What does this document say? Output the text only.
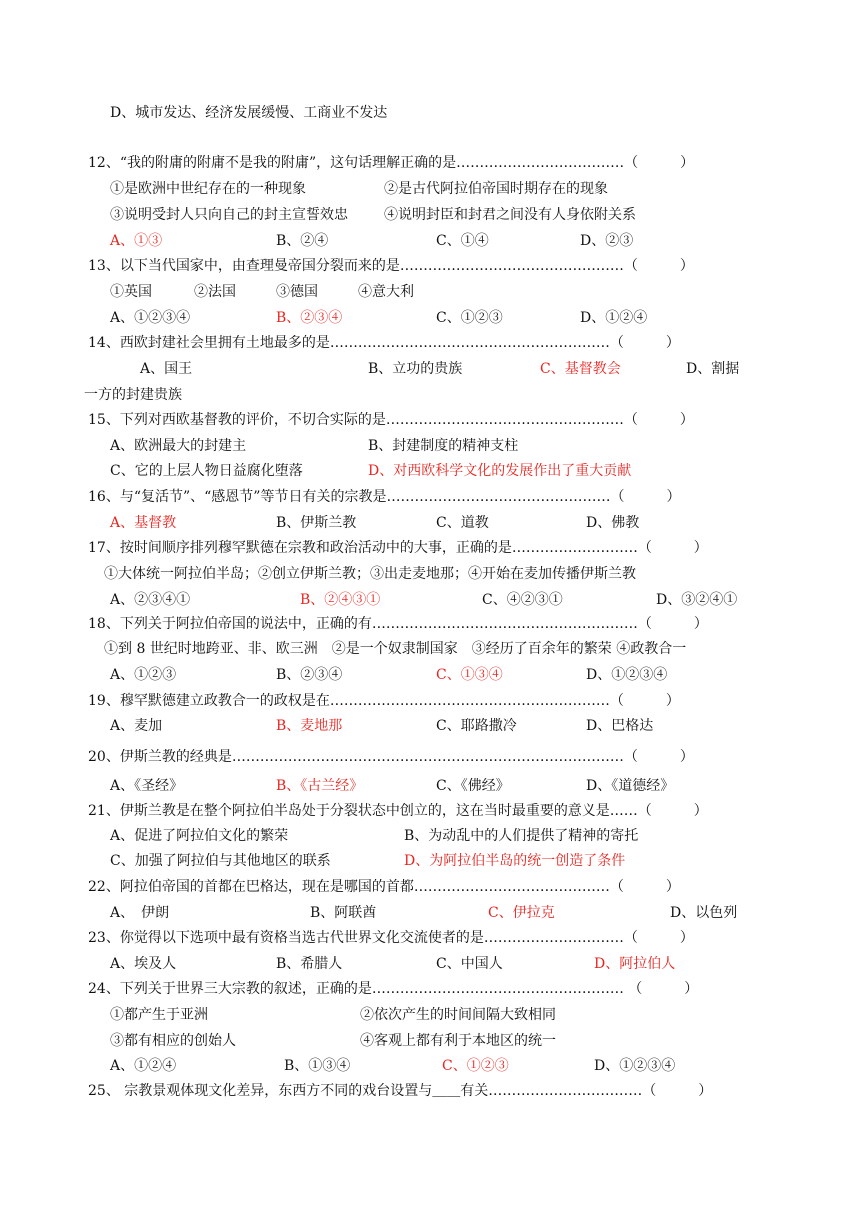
D、城市发达、经济发展缓慢、工商业不发达
12、“我的附庸的附庸不是我的附庸”，这句话理解正确的是………………………………（　　　）
①是欧洲中世纪存在的一种现象	②是古代阿拉伯帝国时期存在的现象
③说明受封人只向自己的封主宣誓效忠	④说明封臣和封君之间没有人身依附关系
A、①③	B、②④	C、①④	D、②③
13、以下当代国家中，由查理曼帝国分裂而来的是…………………………………………（　　　）
①英国	②法国	③德国	④意大利
A、①②③④	B、②③④	C、①②③	D、①②④
14、西欧封建社会里拥有土地最多的是……………………………………………………（　　　）
A、国王	B、立功的贵族	C、基督教会	D、割据
一方的封建贵族
15、下列对西欧基督教的评价，不切合实际的是……………………………………………（　　　）
A、欧洲最大的封建主	B、封建制度的精神支柱
C、它的上层人物日益腐化堕落	D、对西欧科学文化的发展作出了重大贡献
16、与“复活节”、“感恩节”等节日有关的宗教是…………………………………………（　　　）
A、基督教	B、伊斯兰教	C、道教	D、佛教
17、按时间顺序排列穆罕默德在宗教和政治活动中的大事，正确的是………………………（　　　）
①大体统一阿拉伯半岛；②创立伊斯兰教；③出走麦地那；④开始在麦加传播伊斯兰教
A、②③④①	B、②④③①	C、④②③①	D、③②④①
18、下列关于阿拉伯帝国的说法中，正确的有…………………………………………………（　　　）
①到 8 世纪时地跨亚、非、欧三洲　②是一个奴隶制国家　③经历了百余年的繁荣 ④政教合一
A、①②③	B、②③④	C、①③④	D、①②③④
19、穆罕默德建立政教合一的政权是在……………………………………………………（　　　）
A、麦加	B、麦地那	C、耶路撒冷	D、巴格达
20、伊斯兰教的经典是…………………………………………………………………………（　　　）
A、《圣经》	B、《古兰经》	C、《佛经》	D、《道德经》
21、伊斯兰教是在整个阿拉伯半岛处于分裂状态中创立的，这在当时最重要的意义是……（　　　）
A、促进了阿拉伯文化的繁荣	B、为动乱中的人们提供了精神的寄托
C、加强了阿拉伯与其他地区的联系	D、为阿拉伯半岛的统一创造了条件
22、阿拉伯帝国的首都在巴格达，现在是哪国的首都……………………………………（　　　）
A、　伊朗	B、阿联酋	C、伊拉克	D、以色列
23、你觉得以下选项中最有资格当选古代世界文化交流使者的是…………………………（　　　）
A、埃及人	B、希腊人	C、中国人	D、阿拉伯人
24、下列关于世界三大宗教的叙述，正确的是……………………………………………… （　　　）
①都产生于亚洲	②依次产生的时间间隔大致相同
③都有相应的创始人	④客观上都有利于本地区的统一
A、①②④	B、①③④	C、①②③	D、①②③④
25、 宗教景观体现文化差异，东西方不同的戏台设置与＿＿有关……………………………（　　　）
